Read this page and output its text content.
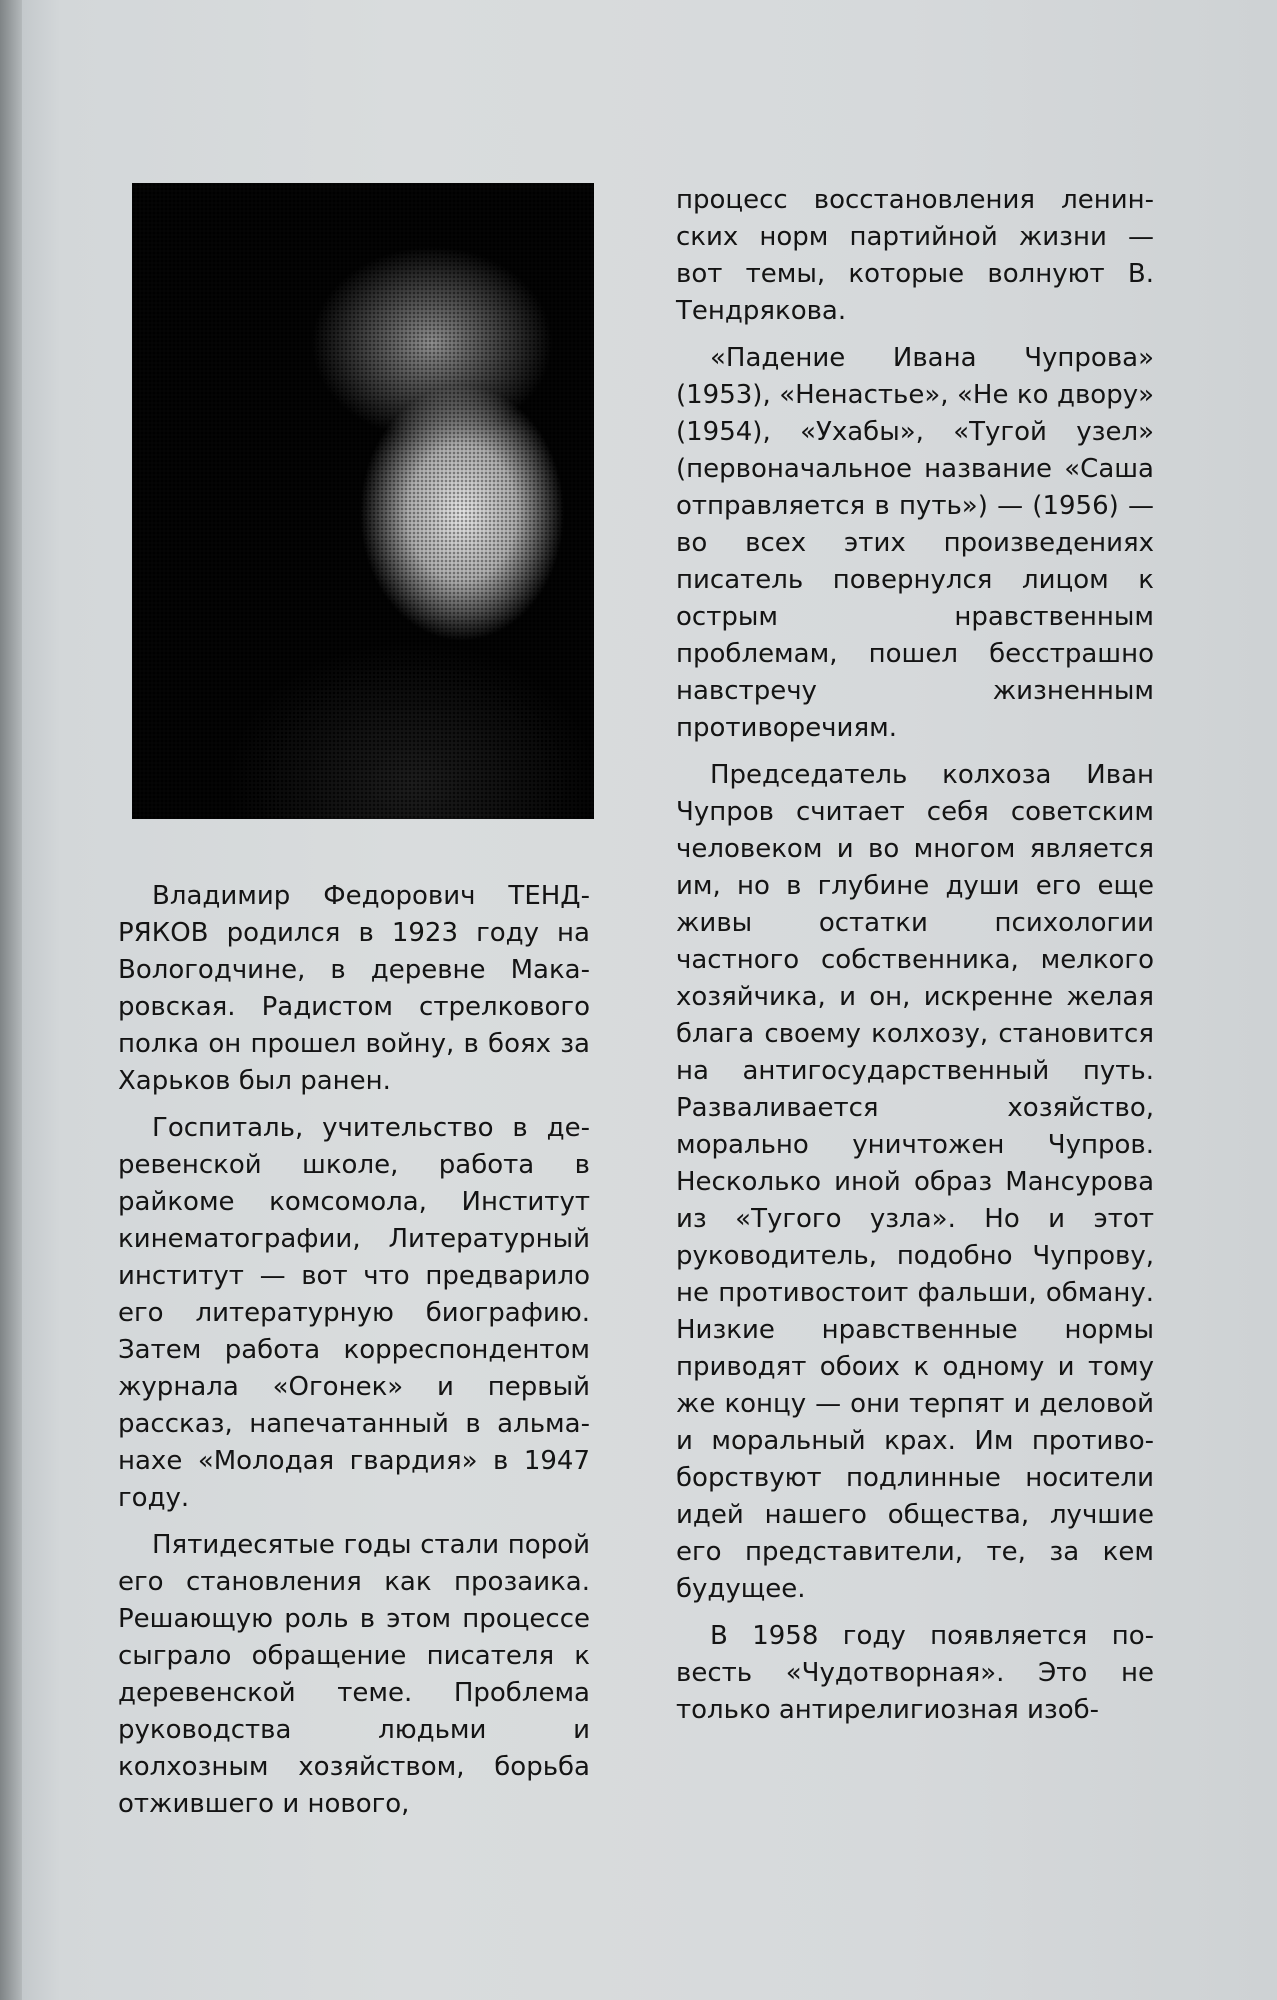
Владимир Федорович ТЕНДРЯКОВ родился в 1923 году на Вологодчине, в деревне Макаровская. Радистом стрелкового полка он прошел войну, в боях за Харьков был ранен.

Госпиталь, учительство в деревенской школе, работа в райкоме комсомола, Институт кинематографии, Литературный институт — вот что предварило его литературную биографию. Затем работа корреспондентом журнала «Огонек» и первый рассказ, напечатанный в альманахе «Молодая гвардия» в 1947 году.

Пятидесятые годы стали порой его становления как прозаика. Решающую роль в этом процессе сыграло обращение писателя к деревенской теме. Проблема руководства людьми и колхозным хозяйством, борьба отжившего и нового,

процесс восстановления ленинских норм партийной жизни — вот темы, которые волнуют В. Тендрякова.

«Падение Ивана Чупрова» (1953), «Ненастье», «Не ко двору» (1954), «Ухабы», «Тугой узел» (первоначальное название «Саша отправляется в путь») — (1956) — во всех этих произведениях писатель повернулся лицом к острым нравственным проблемам, пошел бесстрашно навстречу жизненным противоречиям.

Председатель колхоза Иван Чупров считает себя советским человеком и во многом является им, но в глубине души его еще живы остатки психологии частного собственника, мелкого хозяйчика, и он, искренне желая блага своему колхозу, становится на антигосударственный путь. Разваливается хозяйство, морально уничтожен Чупров. Несколько иной образ Мансурова из «Тугого узла». Но и этот руководитель, подобно Чупрову, не противостоит фальши, обману. Низкие нравственные нормы приводят обоих к одному и тому же концу — они терпят и деловой и моральный крах. Им противоборствуют подлинные носители идей нашего общества, лучшие его представители, те, за кем будущее.

В 1958 году появляется повесть «Чудотворная». Это не только антирелигиозная изоб-
